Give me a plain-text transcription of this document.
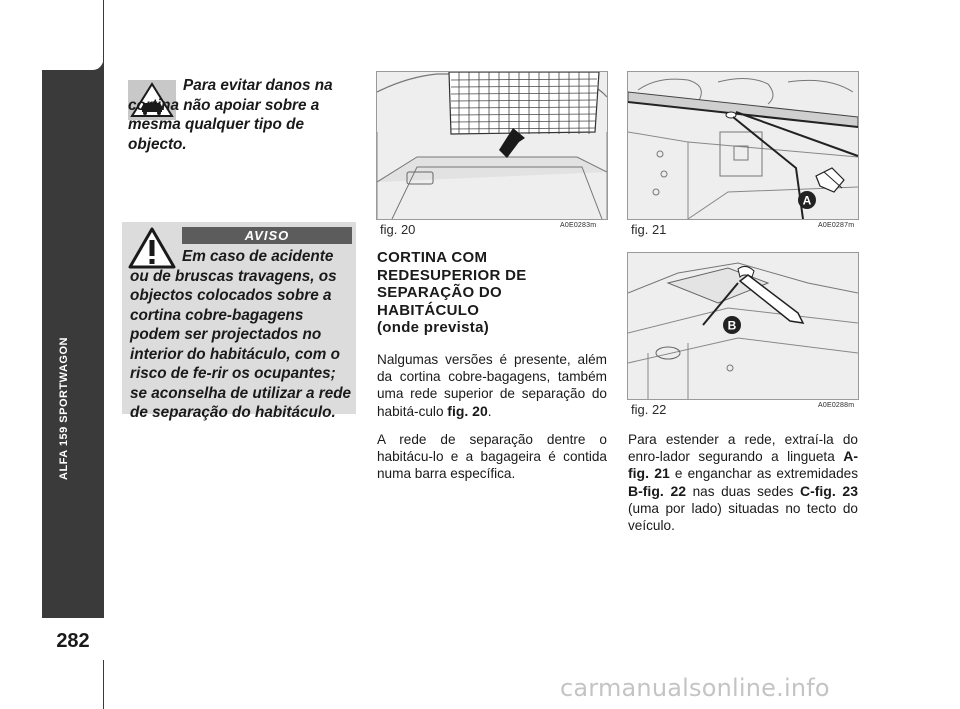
282
Para evitar danos na cortina não apoiar sobre a mesma qualquer tipo de objecto.
AVISO
Em caso de acidente ou de bruscas travagens, os objectos colocados sobre a cortina cobre-bagagens podem ser projectados no interior do habitáculo, com o risco de fe-rir os ocupantes; se aconselha de utilizar a rede de separação do habitáculo.
fig. 20	A0E0283m
A
fig. 21	A0E0287m
B
fig. 22	A0E0288m
CORTINA COM
REDESUPERIOR DE
SEPARAÇÃO DO
HABITÁCULO
(onde prevista)
Nalgumas versões é presente, além da cortina cobre-bagagens, também uma rede superior de separação do habitá-culo fig. 20.
A rede de separação dentre o habitácu-lo e a bagageira é contida numa barra específica.
Para estender a rede, extraí-la do enro-lador segurando a lingueta A-fig. 21 e enganchar as extremidades B-fig. 22 nas duas sedes C-fig. 23 (uma por lado) situadas no tecto do veículo.
carmanualsonline.info
